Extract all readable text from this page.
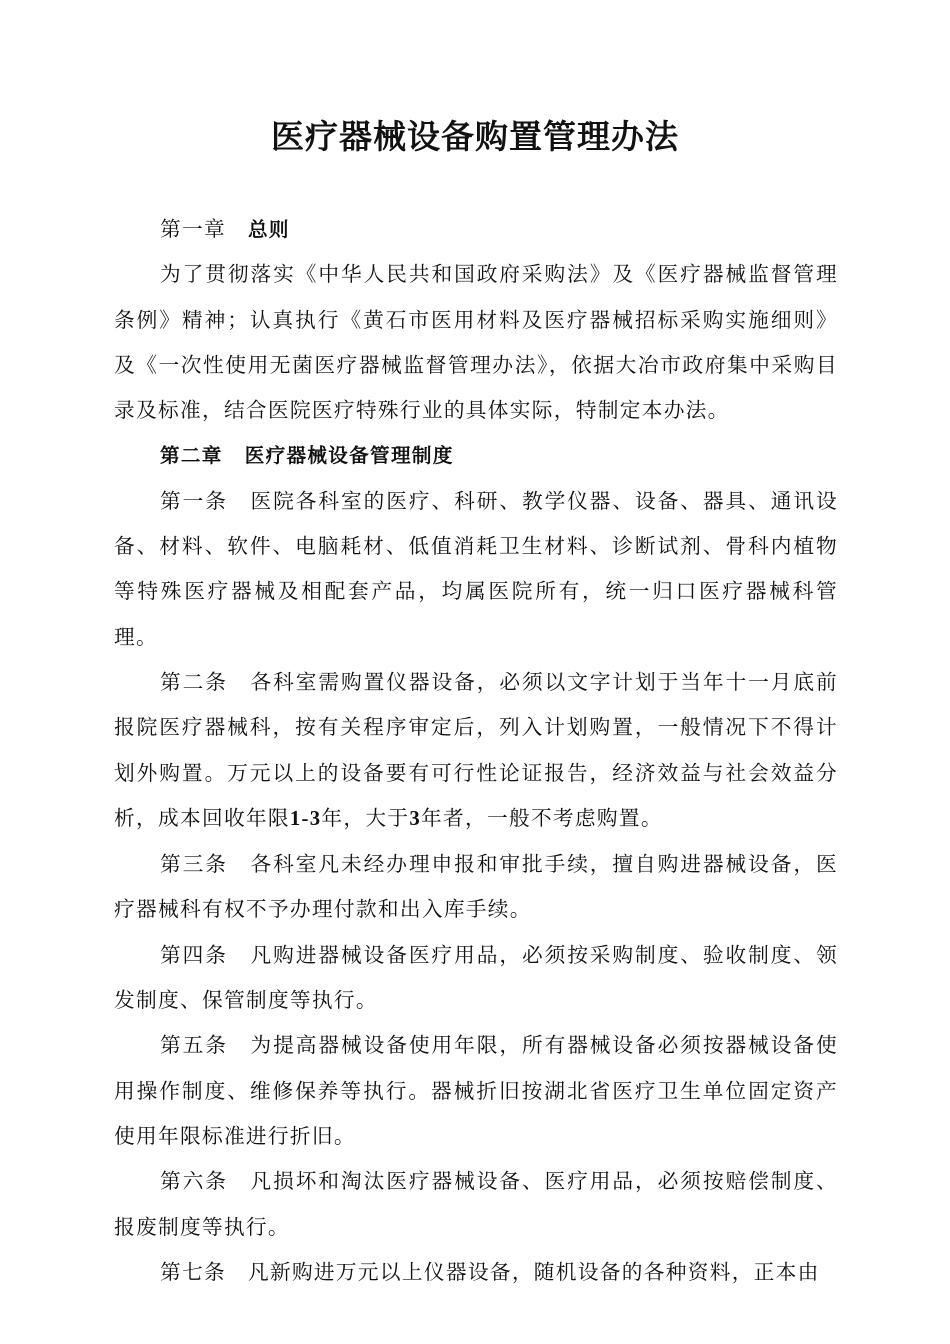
医疗器械设备购置管理办法

第一章 总则

为了贯彻落实《中华人民共和国政府采购法》及《医疗器械监督管理条例》精神；认真执行《黄石市医用材料及医疗器械招标采购实施细则》及《一次性使用无菌医疗器械监督管理办法》，依据大冶市政府集中采购目录及标准，结合医院医疗特殊行业的具体实际，特制定本办法。

第二章 医疗器械设备管理制度

第一条 医院各科室的医疗、科研、教学仪器、设备、器具、通讯设备、材料、软件、电脑耗材、低值消耗卫生材料、诊断试剂、骨科内植物等特殊医疗器械及相配套产品，均属医院所有，统一归口医疗器械科管理。

第二条 各科室需购置仪器设备，必须以文字计划于当年十一月底前报院医疗器械科，按有关程序审定后，列入计划购置，一般情况下不得计划外购置。万元以上的设备要有可行性论证报告，经济效益与社会效益分析，成本回收年限1-3年，大于3年者，一般不考虑购置。

第三条 各科室凡未经办理申报和审批手续，擅自购进器械设备，医疗器械科有权不予办理付款和出入库手续。

第四条 凡购进器械设备医疗用品，必须按采购制度、验收制度、领发制度、保管制度等执行。

第五条 为提高器械设备使用年限，所有器械设备必须按器械设备使用操作制度、维修保养等执行。器械折旧按湖北省医疗卫生单位固定资产使用年限标准进行折旧。

第六条 凡损坏和淘汰医疗器械设备、医疗用品，必须按赔偿制度、报废制度等执行。

第七条 凡新购进万元以上仪器设备，随机设备的各种资料，正本由
